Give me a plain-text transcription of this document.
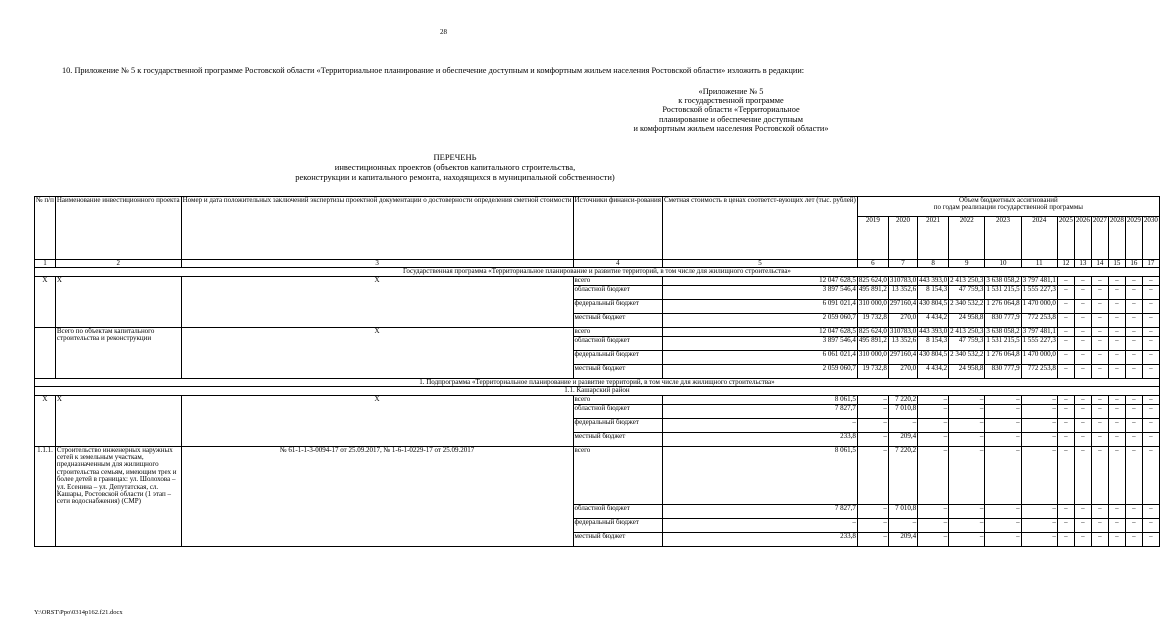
28
10. Приложение № 5 к государственной программе Ростовской области «Территориальное планирование и обеспечение доступным и комфортным жильем населения Ростовской области» изложить в редакции:
«Приложение № 5
к государственной программе
Ростовской области «Территориальное
планирование и обеспечение доступным
и комфортным жильем населения Ростовской области»
ПЕРЕЧЕНЬ
инвестиционных проектов (объектов капитального строительства,
реконструкции и капитального ремонта, находящихся в муниципальной собственности)
№ п/п	Наименование инвестиционного проекта	Номер и дата положительных заключений экспертизы проектной документации о достоверности определения сметной стоимости	Источники финанси-рования	Сметная стоимость в ценах соответст-вующих лет (тыс. рублей)	Объем бюджетных ассигнований
по годам реализации государственной программы											

					2019	2020	2021	2022	2023	2024	2025	2026	2027	2028	2029	2030
1	2	3	4	5	6	7	8	9	10	11	12	13	14	15	16	17
Государственная программа «Территориальное планирование и развитие территорий, в том числе для жилищного строительства»																
Х	Х	Х	всего	12 047 628,5	825 624,0	310783,0	443 393,0	2 413 250,3	3 638 058,2	3 797 481,1	–	–	–	–	–	–
			областной бюджет	3 897 546,4	495 891,2	13 352,6	8 154,3	47 759,3	1 531 215,5	1 555 227,3	–	–	–	–	–	–
			федеральный бюджет	6 091 021,4	310 000,0	297160,4	430 804,5	2 340 532,2	1 276 064,8	1 470 000,0	–	–	–	–	–	–
			местный бюджет	2 059 060,7	19 732,8	270,0	4 434,2	24 958,8	830 777,9	772 253,8	–	–	–	–	–	–
	Всего по объектам капитального строительства и реконструкции	Х	всего	12 047 628,5	825 624,0	310783,0	443 393,0	2 413 250,3	3 638 058,2	3 797 481,1	–	–	–	–	–	–
			областной бюджет	3 897 546,4	495 891,2	13 352,6	8 154,3	47 759,3	1 531 215,5	1 555 227,3	–	–	–	–	–	–
			федеральный бюджет	6 061 021,4	310 000,0	297160,4	430 804,5	2 340 532,2	1 276 064,8	1 470 000,0	–	–	–	–	–	–
			местный бюджет	2 059 060,7	19 732,8	270,0	4 434,2	24 958,8	830 777,9	772 253,8	–	–	–	–	–	–
1. Подпрограмма «Территориальное планирование и развитие территорий, в том числе для жилищного строительства»																
1.1. Кашарский район																
Х	Х	Х	всего	8 061,5	–	7 220,2	–	–	–	–	–	–	–	–	–	–
			областной бюджет	7 827,7	–	7 010,8	–	–	–	–	–	–	–	–	–	–
			федеральный бюджет	–	–	–	–	–	–	–	–	–	–	–	–	–
			местный бюджет	233,8	–	209,4	–	–	–	–	–	–	–	–	–	–
1.1.1.	Строительство инженерных наружных сетей к земельным участкам, предназначенным для жилищного строительства семьям, имеющим трех и более детей в границах: ул. Шолохова – ул. Есенина – ул. Депутатская, сл. Кашары, Ростовской области (1 этап – сети водоснабжения) (СМР)	№ 61-1-1-3-0094-17 от 25.09.2017, № 1-6-1-0229-17 от 25.09.2017	всего	8 061,5	–	7 220,2	–	–	–	–	–	–	–	–	–	–
			областной бюджет	7 827,7	–	7 010,8	–	–	–	–	–	–	–	–	–	–
			федеральный бюджет	–	–	–	–	–	–	–	–	–	–	–	–	–
			местный бюджет	233,8	–	209,4	–	–	–	–	–	–	–	–	–	–
Y:\ORST\Ppo\0314p162.f21.docx
